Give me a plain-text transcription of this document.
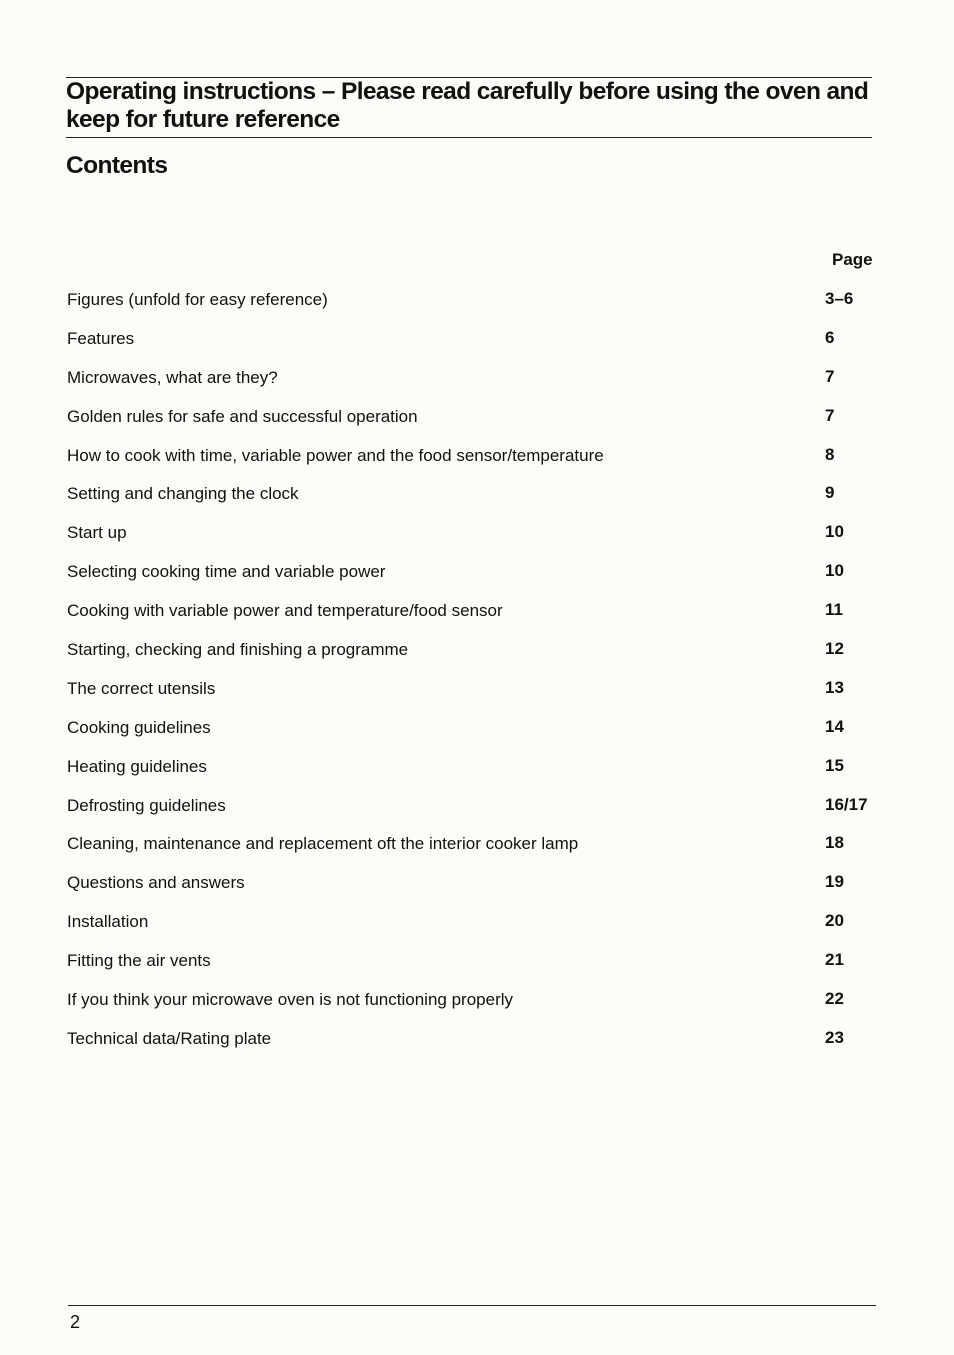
Operating instructions – Please read carefully before using the oven and keep for future reference
Contents
Page
Figures (unfold for easy reference)	3–6
Features	6
Microwaves, what are they?	7
Golden rules for safe and successful operation	7
How to cook with time, variable power and the food sensor/temperature	8
Setting and changing the clock	9
Start up	10
Selecting cooking time and variable power	10
Cooking with variable power and temperature/food sensor	11
Starting, checking and finishing a programme	12
The correct utensils	13
Cooking guidelines	14
Heating guidelines	15
Defrosting guidelines	16/17
Cleaning, maintenance and replacement oft the interior cooker lamp	18
Questions and answers	19
Installation	20
Fitting the air vents	21
If you think your microwave oven is not functioning properly	22
Technical data/Rating plate	23
2
